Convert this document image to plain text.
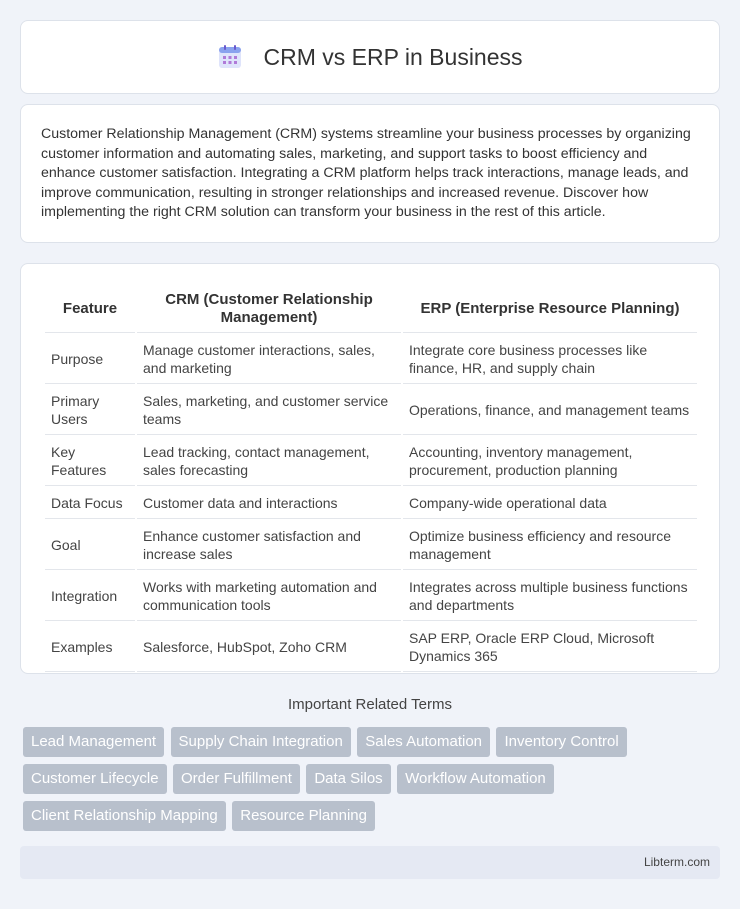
CRM vs ERP in Business

Customer Relationship Management (CRM) systems streamline your business processes by organizing customer information and automating sales, marketing, and support tasks to boost efficiency and enhance customer satisfaction. Integrating a CRM platform helps track interactions, manage leads, and improve communication, resulting in stronger relationships and increased revenue. Discover how implementing the right CRM solution can transform your business in the rest of this article.

Feature	CRM (Customer Relationship Management)	ERP (Enterprise Resource Planning)
Purpose	Manage customer interactions, sales, and marketing	Integrate core business processes like finance, HR, and supply chain
Primary Users	Sales, marketing, and customer service teams	Operations, finance, and management teams
Key Features	Lead tracking, contact management, sales forecasting	Accounting, inventory management, procurement, production planning
Data Focus	Customer data and interactions	Company-wide operational data
Goal	Enhance customer satisfaction and increase sales	Optimize business efficiency and resource management
Integration	Works with marketing automation and communication tools	Integrates across multiple business functions and departments
Examples	Salesforce, HubSpot, Zoho CRM	SAP ERP, Oracle ERP Cloud, Microsoft Dynamics 365
Important Related Terms
Lead Management Supply Chain Integration Sales Automation Inventory Control Customer Lifecycle Order Fulfillment Data Silos Workflow Automation Client Relationship Mapping Resource Planning
Libterm.com
